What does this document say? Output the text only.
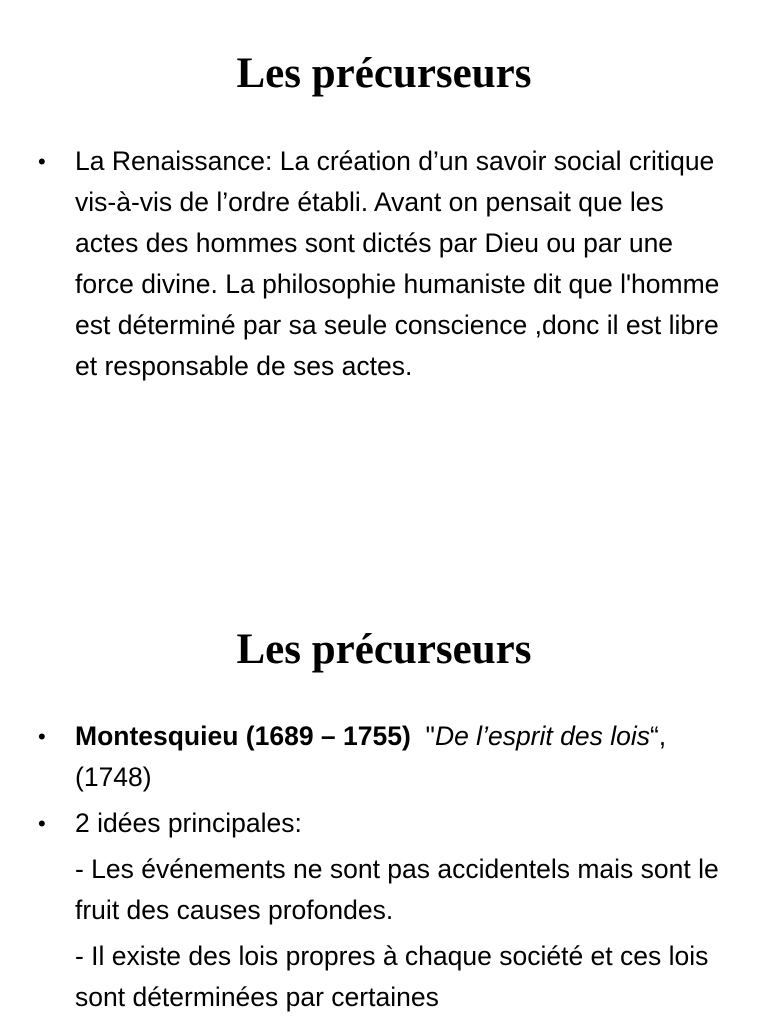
Les précurseurs
•	La Renaissance: La création d’un savoir social critique vis-à-vis de l’ordre établi. Avant on pensait que les actes des hommes sont dictés par Dieu ou par une force divine. La philosophie humaniste dit que l'homme est déterminé par sa seule conscience ,donc il est libre et responsable de ses actes.
Les précurseurs
•	Montesquieu (1689 – 1755)  "De l’esprit des lois“, (1748)
•	2 idées principales:
- Les événements ne sont pas accidentels mais sont le fruit des causes profondes.
- Il existe des lois propres à chaque société et ces lois sont déterminées par certaines
